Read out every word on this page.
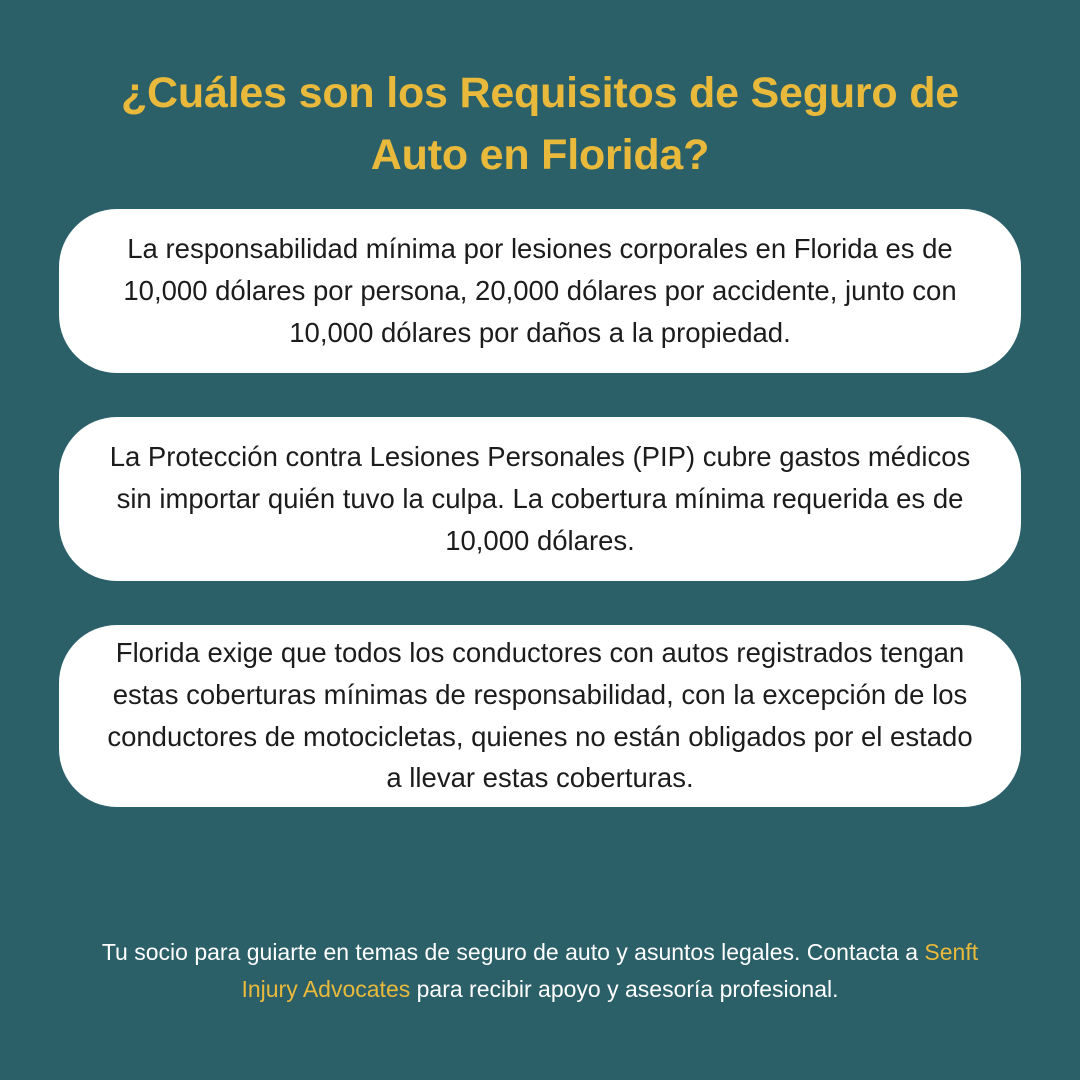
¿Cuáles son los Requisitos de Seguro de Auto en Florida?
La responsabilidad mínima por lesiones corporales en Florida es de 10,000 dólares por persona, 20,000 dólares por accidente, junto con 10,000 dólares por daños a la propiedad.
La Protección contra Lesiones Personales (PIP) cubre gastos médicos sin importar quién tuvo la culpa. La cobertura mínima requerida es de 10,000 dólares.
Florida exige que todos los conductores con autos registrados tengan estas coberturas mínimas de responsabilidad, con la excepción de los conductores de motocicletas, quienes no están obligados por el estado a llevar estas coberturas.
Tu socio para guiarte en temas de seguro de auto y asuntos legales. Contacta a Senft Injury Advocates para recibir apoyo y asesoría profesional.
